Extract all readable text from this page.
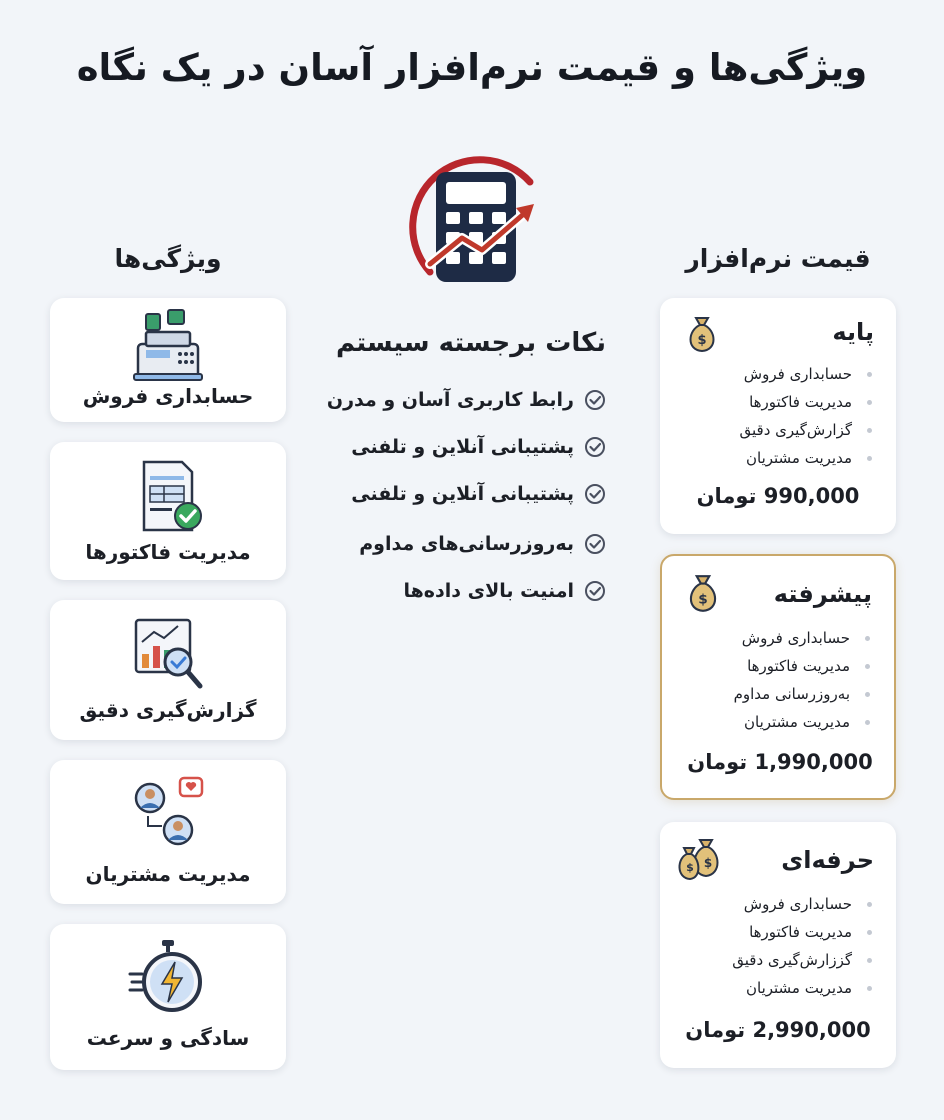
ویژگی‌ها و قیمت نرم‌افزار آسان در یک نگاه
ویژگی‌ها
حسابداری فروش
مدیریت فاکتورها
گزارش‌گیری دقیق
مدیریت مشتریان
سادگی و سرعت
نکات برجسته سیستم
رابط کاربری آسان و مدرن
پشتیبانی آنلاین و تلفنی
پشتیبانی آنلاین و تلفنی
به‌روزرسانی‌های مداوم
امنیت بالای داده‌ها
قیمت نرم‌افزار
$	پایه
حسابداری فروش
مدیریت فاکتورها
گزارش‌گیری دقیق
مدیریت مشتریان
990,000 تومان
$	پیشرفته
حسابداری فروش
مدیریت فاکتورها
به‌روزرسانی مداوم
مدیریت مشتریان
1,990,000 تومان
$ $	حرفه‌ای
حسابداری فروش
مدیریت فاکتورها
گززارش‌گیری دقیق
مدیریت مشتریان
2,990,000 تومان
